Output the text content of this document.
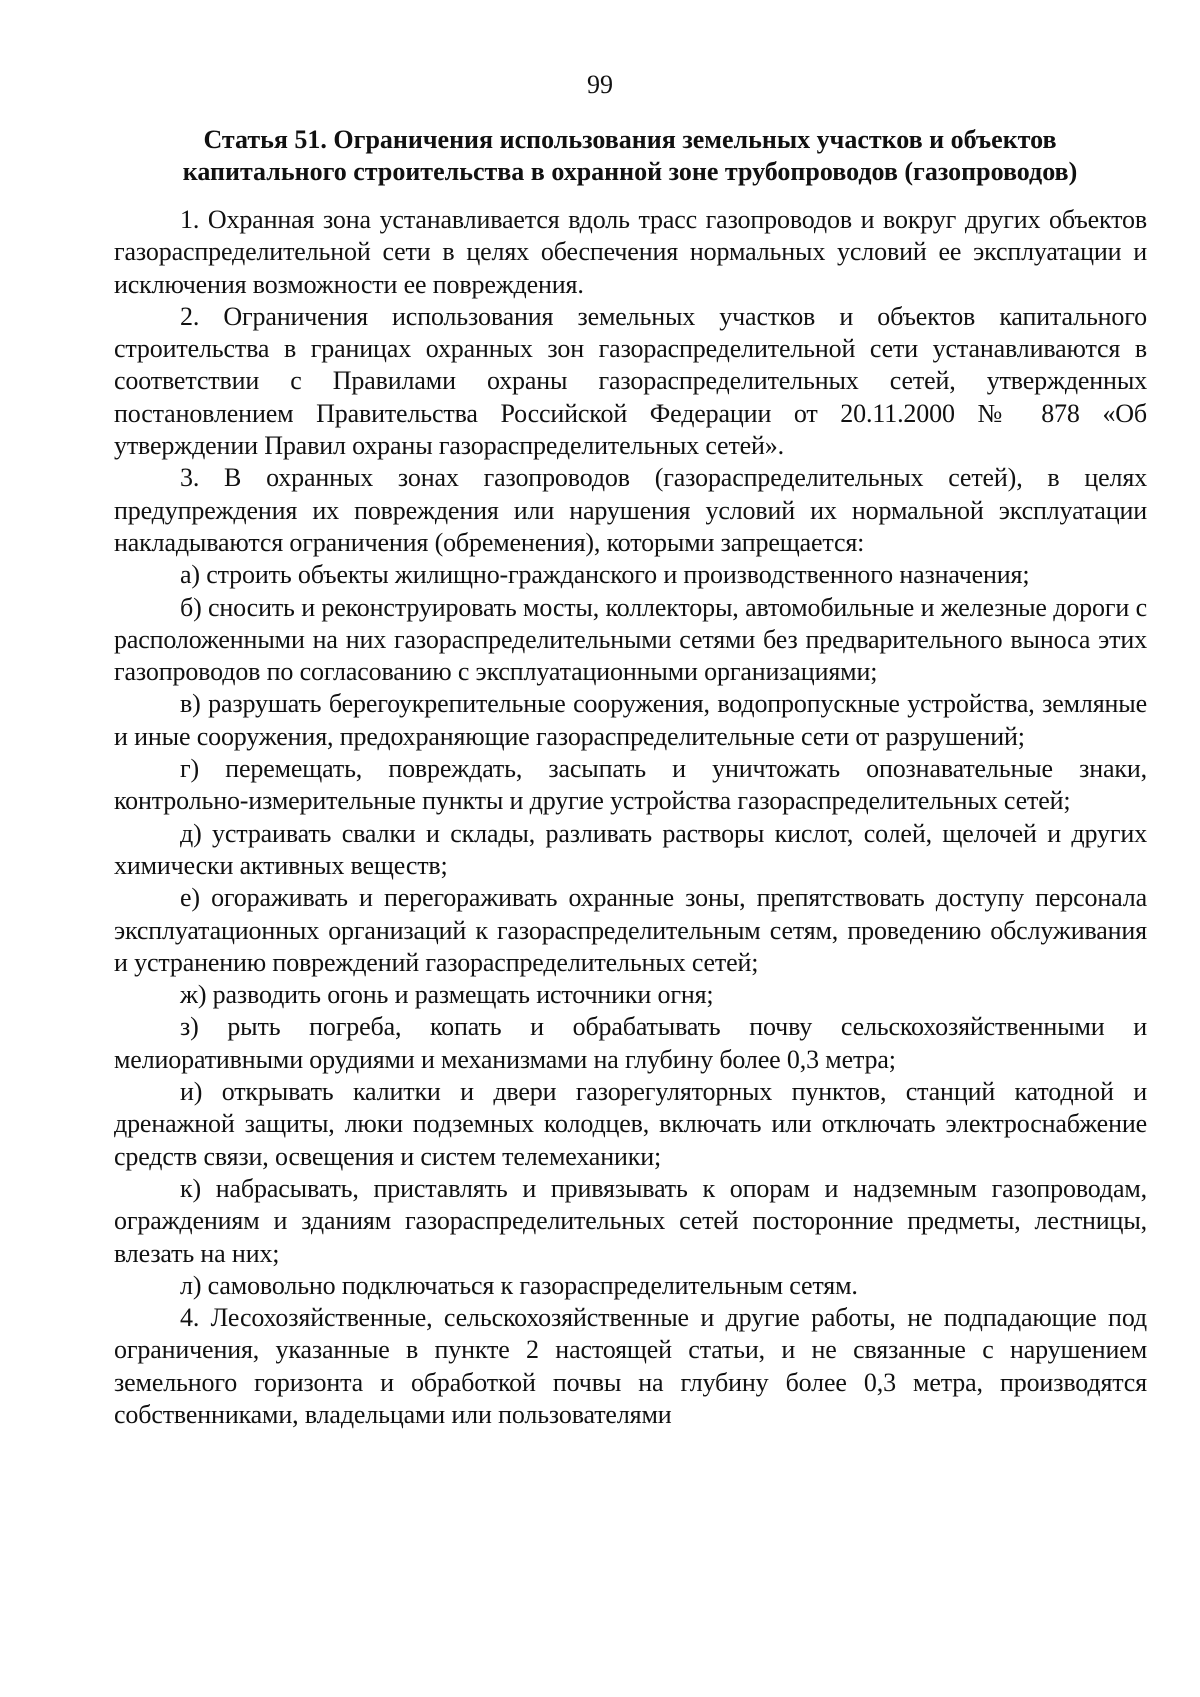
99
Статья 51. Ограничения использования земельных участков и объектов
капитального строительства в охранной зоне трубопроводов (газопроводов)

1. Охранная зона устанавливается вдоль трасс газопроводов и вокруг других объектов газораспределительной сети в целях обеспечения нормальных условий ее эксплуатации и исключения возможности ее повреждения.

2. Ограничения использования земельных участков и объектов капитального строительства в границах охранных зон газораспределительной сети устанавливаются в соответствии с Правилами охраны газораспределительных сетей, утвержденных постановлением Правительства Российской Федерации от 20.11.2000 № 878 «Об утверждении Правил охраны газораспределительных сетей».

3. В охранных зонах газопроводов (газораспределительных сетей), в целях предупреждения их повреждения или нарушения условий их нормальной эксплуатации накладываются ограничения (обременения), которыми запрещается:

а) строить объекты жилищно-гражданского и производственного назначения;

б) сносить и реконструировать мосты, коллекторы, автомобильные и железные дороги с расположенными на них газораспределительными сетями без предварительного выноса этих газопроводов по согласованию с эксплуатационными организациями;

в) разрушать берегоукрепительные сооружения, водопропускные устройства, земляные и иные сооружения, предохраняющие газораспределительные сети от разрушений;

г) перемещать, повреждать, засыпать и уничтожать опознавательные знаки, контрольно-измерительные пункты и другие устройства газораспределительных сетей;

д) устраивать свалки и склады, разливать растворы кислот, солей, щелочей и других химически активных веществ;

е) огораживать и перегораживать охранные зоны, препятствовать доступу персонала эксплуатационных организаций к газораспределительным сетям, проведению обслуживания и устранению повреждений газораспределительных сетей;

ж) разводить огонь и размещать источники огня;

з) рыть погреба, копать и обрабатывать почву сельскохозяйственными и мелиоративными орудиями и механизмами на глубину более 0,3 метра;

и) открывать калитки и двери газорегуляторных пунктов, станций катодной и дренажной защиты, люки подземных колодцев, включать или отключать электроснабжение средств связи, освещения и систем телемеханики;

к) набрасывать, приставлять и привязывать к опорам и надземным газопроводам, ограждениям и зданиям газораспределительных сетей посторонние предметы, лестницы, влезать на них;

л) самовольно подключаться к газораспределительным сетям.

4. Лесохозяйственные, сельскохозяйственные и другие работы, не подпадающие под ограничения, указанные в пункте 2 настоящей статьи, и не связанные с нарушением земельного горизонта и обработкой почвы на глубину более 0,3 метра, производятся собственниками, владельцами или пользователями
